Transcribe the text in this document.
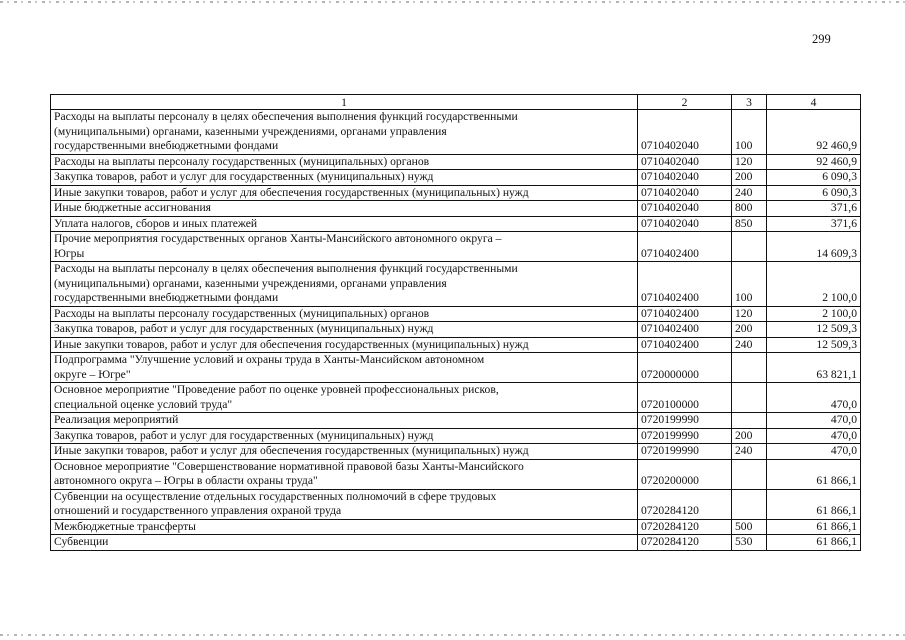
299
1	2	3	4

Расходы на выплаты персоналу в целях обеспечения выполнения функций государственными
(муниципальными) органами, казенными учреждениями, органами управления
государственными внебюджетными фондами	0710402040	100	92 460,9

Расходы на выплаты персоналу государственных (муниципальных) органов	0710402040	120	92 460,9

Закупка товаров, работ и услуг для государственных (муниципальных) нужд	0710402040	200	6 090,3

Иные закупки товаров, работ и услуг для обеспечения государственных (муниципальных) нужд	0710402040	240	6 090,3

Иные бюджетные ассигнования	0710402040	800	371,6

Уплата налогов, сборов и иных платежей	0710402040	850	371,6

Прочие мероприятия государственных органов Ханты-Мансийского автономного округа –
Югры	0710402400		14 609,3

Расходы на выплаты персоналу в целях обеспечения выполнения функций государственными
(муниципальными) органами, казенными учреждениями, органами управления
государственными внебюджетными фондами	0710402400	100	2 100,0

Расходы на выплаты персоналу государственных (муниципальных) органов	0710402400	120	2 100,0

Закупка товаров, работ и услуг для государственных (муниципальных) нужд	0710402400	200	12 509,3

Иные закупки товаров, работ и услуг для обеспечения государственных (муниципальных) нужд	0710402400	240	12 509,3

Подпрограмма "Улучшение условий и охраны труда в Ханты-Мансийском автономном
округе – Югре"	0720000000		63 821,1

Основное мероприятие "Проведение работ по оценке уровней профессиональных рисков,
специальной оценке условий труда"	0720100000		470,0

Реализация мероприятий	0720199990		470,0

Закупка товаров, работ и услуг для государственных (муниципальных) нужд	0720199990	200	470,0

Иные закупки товаров, работ и услуг для обеспечения государственных (муниципальных) нужд	0720199990	240	470,0

Основное мероприятие "Совершенствование нормативной правовой базы Ханты-Мансийского
автономного округа – Югры в области охраны труда"	0720200000		61 866,1

Субвенции на осуществление отдельных государственных полномочий в сфере трудовых
отношений и государственного управления охраной труда	0720284120		61 866,1

Межбюджетные трансферты	0720284120	500	61 866,1

Субвенции	0720284120	530	61 866,1
